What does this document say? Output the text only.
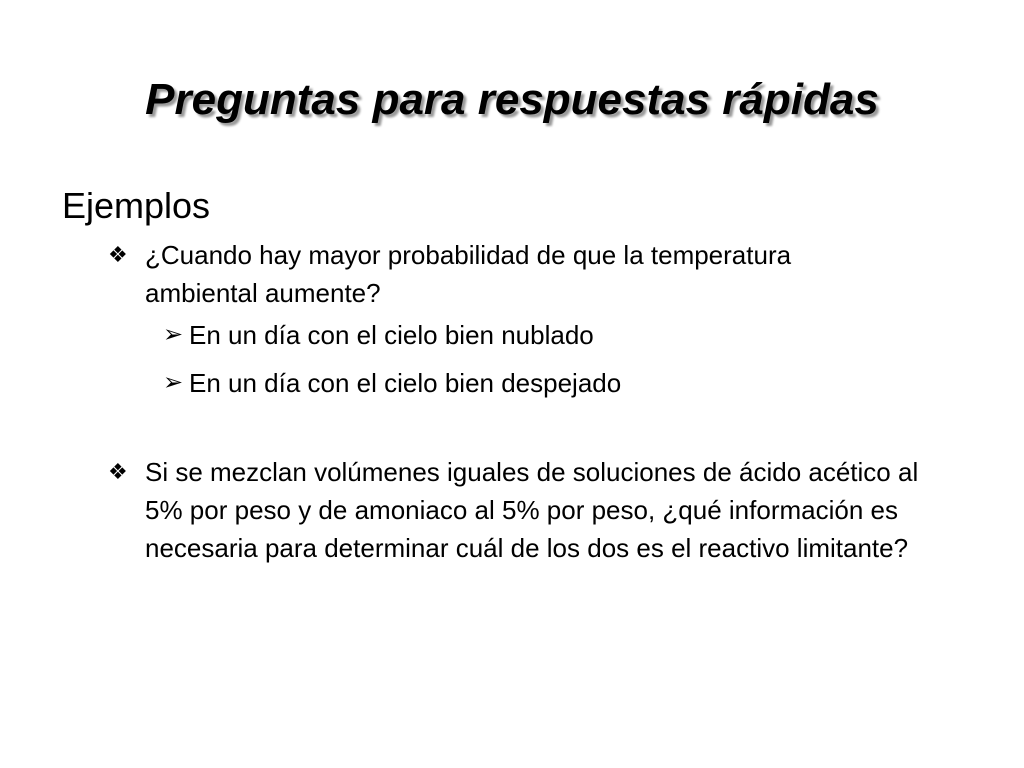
Preguntas para respuestas rápidas
Ejemplos
❖ ¿Cuando hay mayor probabilidad de que la temperatura ambiental aumente?
➢ En un día con el cielo bien nublado
➢ En un día con el cielo bien despejado
❖ Si se mezclan volúmenes iguales de soluciones de ácido acético al 5% por peso y de amoniaco al 5% por peso, ¿qué información es necesaria para determinar cuál de los dos es el reactivo limitante?
